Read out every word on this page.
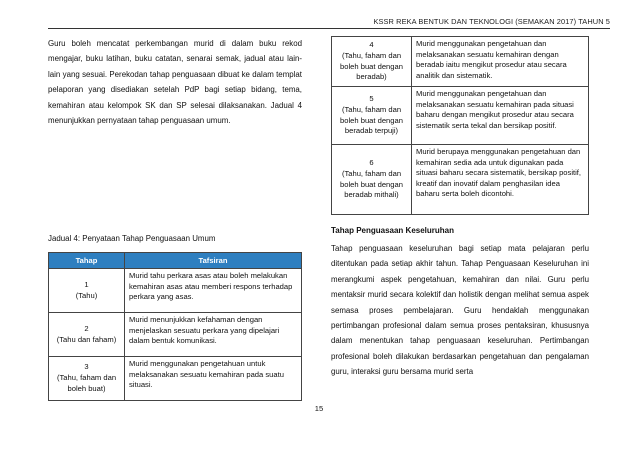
KSSR REKA BENTUK DAN TEKNOLOGI (SEMAKAN 2017) TAHUN 5

Guru boleh mencatat perkembangan murid di dalam buku rekod mengajar, buku latihan, buku catatan, senarai semak, jadual atau lain-lain yang sesuai. Perekodan tahap penguasaan dibuat ke dalam templat pelaporan yang disediakan setelah PdP bagi setiap bidang, tema, kemahiran atau kelompok SK dan SP selesai dilaksanakan. Jadual 4 menunjukkan pernyataan tahap penguasaan umum.

Jadual 4: Penyataan Tahap Penguasaan Umum
Tahap	Tafsiran

1
(Tahu)	Murid tahu perkara asas atau boleh melakukan kemahiran asas atau memberi respons terhadap perkara yang asas.

2
(Tahu dan faham)	Murid menunjukkan kefahaman dengan menjelaskan sesuatu perkara yang dipelajari dalam bentuk komunikasi.

3
(Tahu, faham dan boleh buat)	Murid menggunakan pengetahuan untuk melaksanakan sesuatu kemahiran pada suatu situasi.
4
(Tahu, faham dan boleh buat dengan beradab)	Murid menggunakan pengetahuan dan melaksanakan sesuatu kemahiran dengan beradab iaitu mengikut prosedur atau secara analitik dan sistematik.

5
(Tahu, faham dan boleh buat dengan beradab terpuji)	Murid menggunakan pengetahuan dan melaksanakan sesuatu kemahiran pada situasi baharu dengan mengikut prosedur atau secara sistematik serta tekal dan bersikap positif.

6
(Tahu, faham dan boleh buat dengan beradab mithali)	Murid berupaya menggunakan pengetahuan dan kemahiran sedia ada untuk digunakan pada situasi baharu secara sistematik, bersikap positif, kreatif dan inovatif dalam penghasilan idea baharu serta boleh dicontohi.
Tahap Penguasaan Keseluruhan

Tahap penguasaan keseluruhan bagi setiap mata pelajaran perlu ditentukan pada setiap akhir tahun. Tahap Penguasaan Keseluruhan ini merangkumi aspek pengetahuan, kemahiran dan nilai. Guru perlu mentaksir murid secara kolektif dan holistik dengan melihat semua aspek semasa proses pembelajaran. Guru hendaklah menggunakan pertimbangan profesional dalam semua proses pentaksiran, khususnya dalam menentukan tahap penguasaan keseluruhan. Pertimbangan profesional boleh dilakukan berdasarkan pengetahuan dan pengalaman guru, interaksi guru bersama murid serta

15
